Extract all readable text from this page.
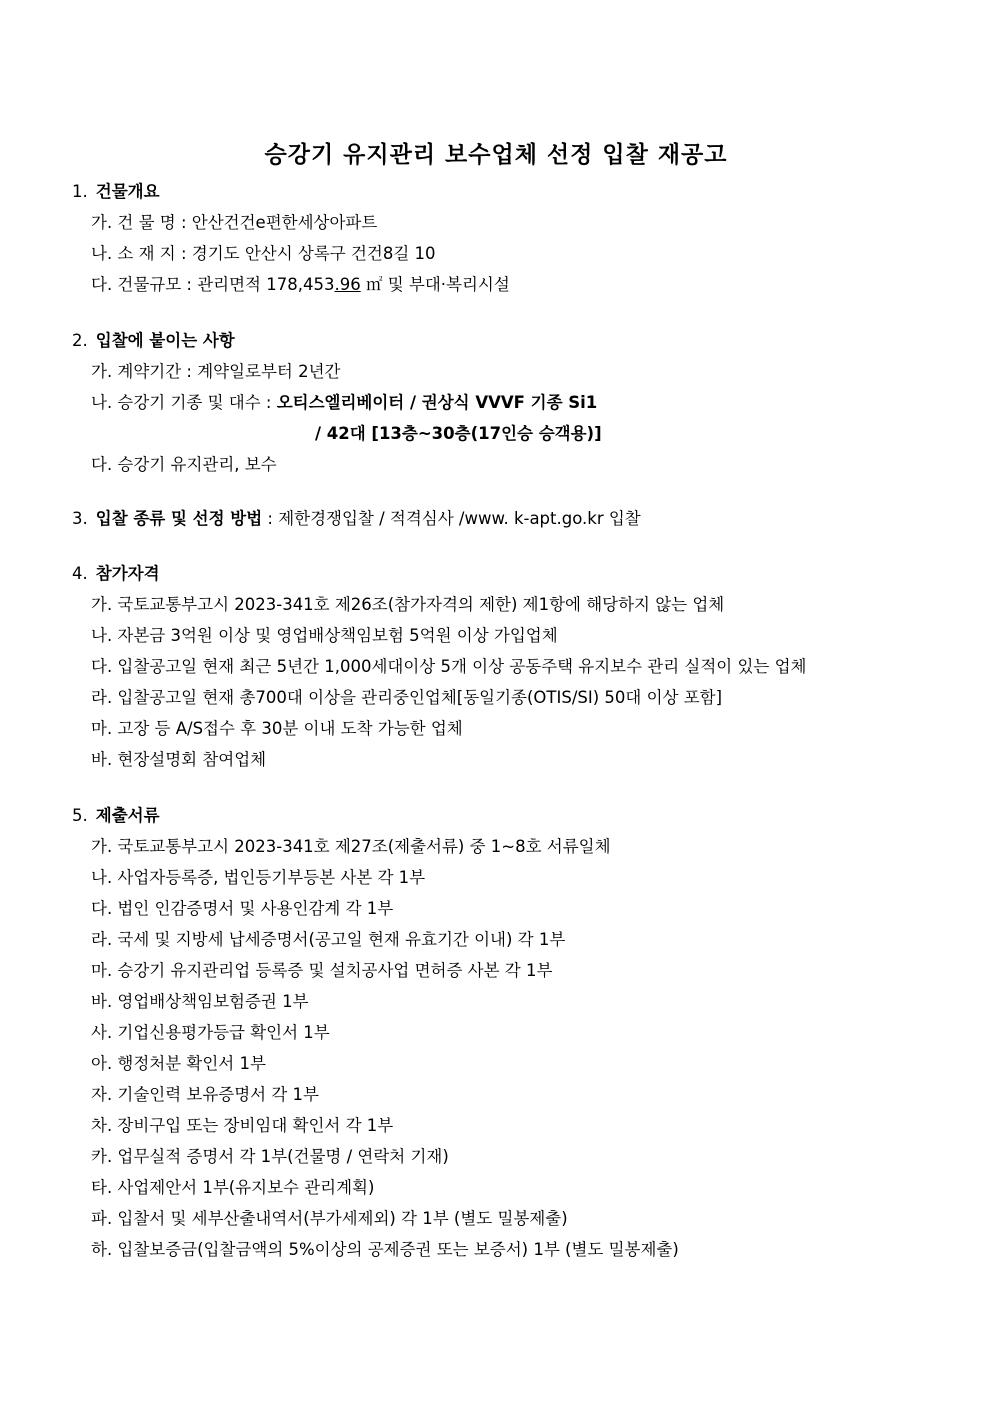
승강기 유지관리 보수업체 선정 입찰 재공고
1. 건물개요
가. 건 물 명 : 안산건건e편한세상아파트
나. 소 재 지 : 경기도 안산시 상록구 건건8길 10
다. 건물규모 : 관리면적 178,453.96 ㎡ 및 부대·복리시설
2. 입찰에 붙이는 사항
가. 계약기간 : 계약일로부터 2년간
나. 승강기 기종 및 대수 : 오티스엘리베이터 / 권상식 VVVF 기종 Si1
/ 42대 [13층~30층(17인승 승객용)]
다. 승강기 유지관리, 보수
3. 입찰 종류 및 선정 방법 : 제한경쟁입찰 / 적격심사 /www. k-apt.go.kr 입찰
4. 참가자격
가. 국토교통부고시 2023-341호 제26조(참가자격의 제한) 제1항에 해당하지 않는 업체
나. 자본금 3억원 이상 및 영업배상책임보험 5억원 이상 가입업체
다. 입찰공고일 현재 최근 5년간 1,000세대이상 5개 이상 공동주택 유지보수 관리 실적이 있는 업체
라. 입찰공고일 현재 총700대 이상을 관리중인업체[동일기종(OTIS/SI) 50대 이상 포함]
마. 고장 등 A/S접수 후 30분 이내 도착 가능한 업체
바. 현장설명회 참여업체
5. 제출서류
가. 국토교통부고시 2023-341호 제27조(제출서류) 중 1~8호 서류일체
나. 사업자등록증, 법인등기부등본 사본 각 1부
다. 법인 인감증명서 및 사용인감계 각 1부
라. 국세 및 지방세 납세증명서(공고일 현재 유효기간 이내) 각 1부
마. 승강기 유지관리업 등록증 및 설치공사업 면허증 사본 각 1부
바. 영업배상책임보험증권 1부
사. 기업신용평가등급 확인서 1부
아. 행정처분 확인서 1부
자. 기술인력 보유증명서 각 1부
차. 장비구입 또는 장비임대 확인서 각 1부
카. 업무실적 증명서 각 1부(건물명 / 연락처 기재)
타. 사업제안서 1부(유지보수 관리계획)
파. 입찰서 및 세부산출내역서(부가세제외) 각 1부 (별도 밀봉제출)
하. 입찰보증금(입찰금액의 5%이상의 공제증권 또는 보증서) 1부 (별도 밀봉제출)
